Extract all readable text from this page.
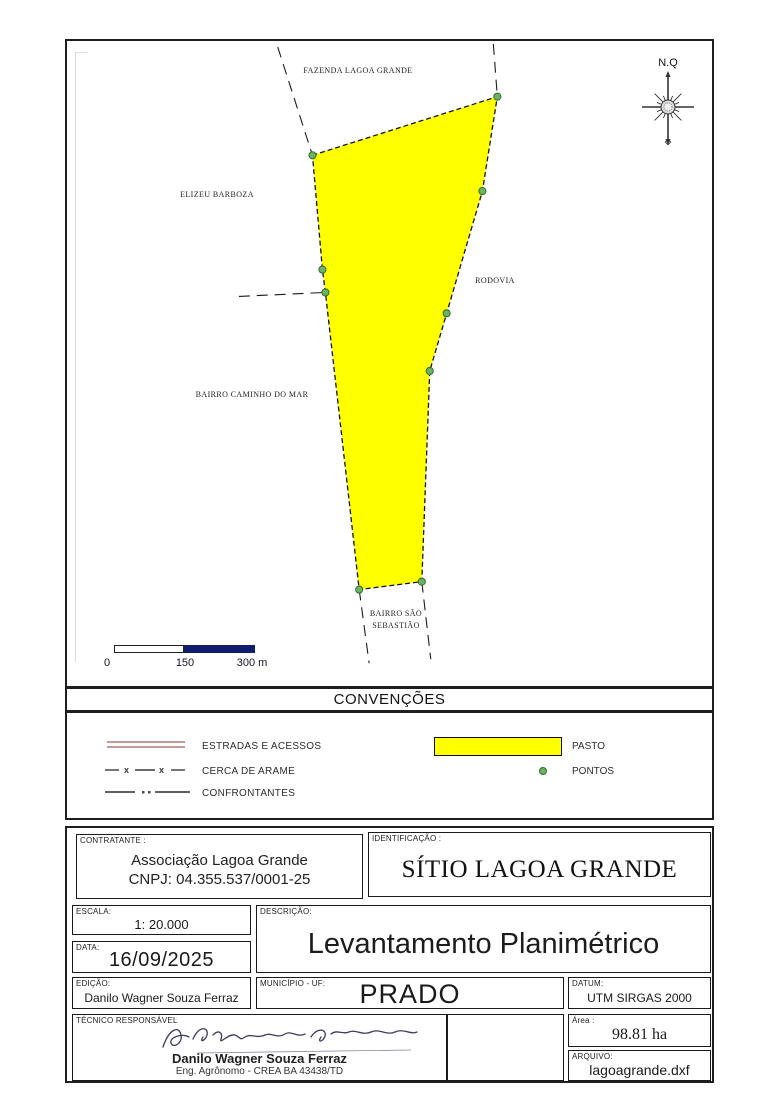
FAZENDA LAGOA GRANDE
ELIZEU BARBOZA
RODOVIA
BAIRRO CAMINHO DO MAR
BAIRRO SÃO SEBASTIÃO
N.Q
0	150	300 m
CONVENÇÕES
ESTRADAS E ACESSOS
x	x	CERCA DE ARAME
CONFRONTANTES
PASTO
PONTOS
CONTRATANTE :
Associação Lagoa Grande
CNPJ: 04.355.537/0001-25
IDENTIFICAÇÃO :
SÍTIO LAGOA GRANDE
ESCALA:
1: 20.000
DATA:
16/09/2025
DESCRIÇÃO:
Levantamento Planimétrico
EDIÇÃO:
Danilo Wagner Souza Ferraz
MUNICÍPIO - UF: PRADO	DATUM:
UTM SIRGAS 2000
TÉCNICO RESPONSÁVEL
Danilo Wagner Souza Ferraz
Eng. Agrônomo - CREA BA 43438/TD
Área :
98.81 ha
ARQUIVO:
lagoagrande.dxf
